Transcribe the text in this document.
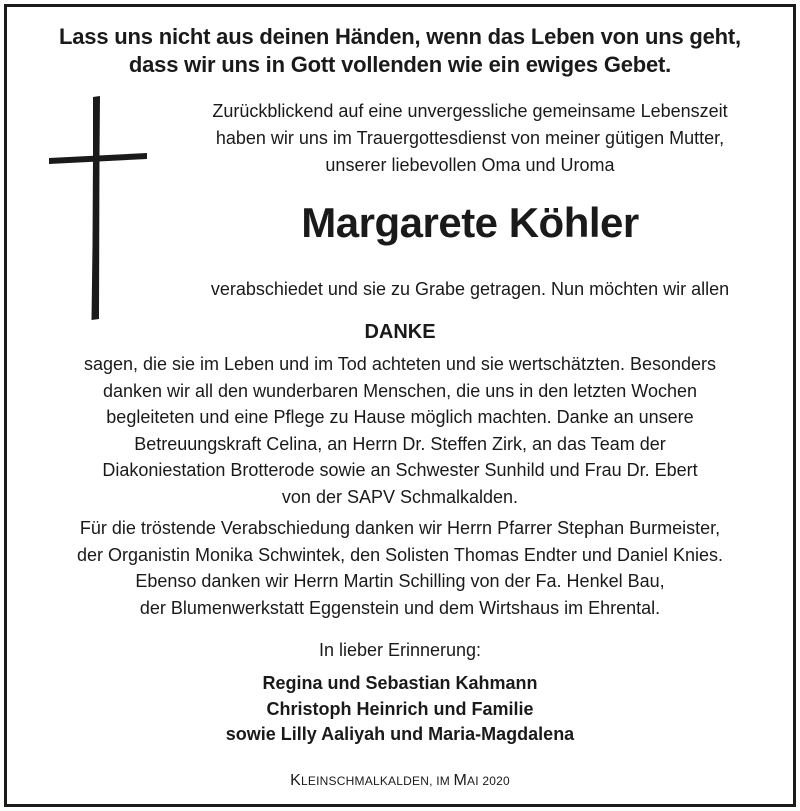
Lass uns nicht aus deinen Händen, wenn das Leben von uns geht,
dass wir uns in Gott vollenden wie ein ewiges Gebet.
Zurückblickend auf eine unvergessliche gemeinsame Lebenszeit
haben wir uns im Trauergottesdienst von meiner gütigen Mutter,
unserer liebevollen Oma und Uroma
Margarete Köhler
verabschiedet und sie zu Grabe getragen. Nun möchten wir allen
DANKE
sagen, die sie im Leben und im Tod achteten und sie wertschätzten. Besonders
danken wir all den wunderbaren Menschen, die uns in den letzten Wochen
begleiteten und eine Pflege zu Hause möglich machten. Danke an unsere
Betreuungskraft Celina, an Herrn Dr. Steffen Zirk, an das Team der
Diakoniestation Brotterode sowie an Schwester Sunhild und Frau Dr. Ebert
von der SAPV Schmalkalden.
Für die tröstende Verabschiedung danken wir Herrn Pfarrer Stephan Burmeister,
der Organistin Monika Schwintek, den Solisten Thomas Endter und Daniel Knies.
Ebenso danken wir Herrn Martin Schilling von der Fa. Henkel Bau,
der Blumenwerkstatt Eggenstein und dem Wirtshaus im Ehrental.
In lieber Erinnerung:
Regina und Sebastian Kahmann
Christoph Heinrich und Familie
sowie Lilly Aaliyah und Maria-Magdalena
KLEINSCHMALKALDEN, IM MAI 2020
